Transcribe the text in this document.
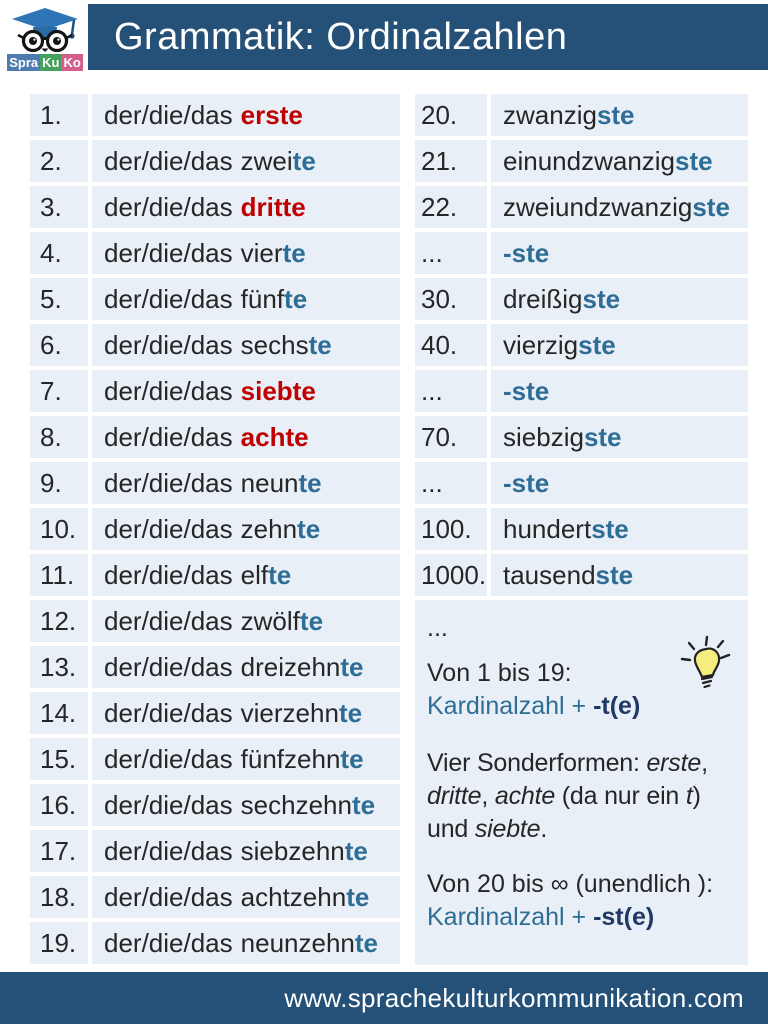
Spra Ku Ko
Grammatik: Ordinalzahlen
1.	der/die/das erste
2.	der/die/das zwei te
3.	der/die/das dritte
4.	der/die/das vier te
5.	der/die/das fünf te
6.	der/die/das sechs te
7.	der/die/das siebte
8.	der/die/das achte
9.	der/die/das neun te
10.	der/die/das zehn te
11.	der/die/das elf te
12.	der/die/das zwölf te
13.	der/die/das dreizehn te
14.	der/die/das vierzehn te
15.	der/die/das fünfzehn te
16.	der/die/das sechzehn te
17.	der/die/das siebzehn te
18.	der/die/das achtzehn te
19.	der/die/das neunzehn te
20.	zwanzig ste
21.	einundzwanzig ste
22.	zweiundzwanzig ste
...	-ste
30.	dreißig ste
40.	vierzig ste
...	-ste
70.	siebzig ste
...	-ste
100.	hundert ste
1000. tausend ste
...
Von 1 bis 19:
Kardinalzahl + -t(e)
Vier Sonderformen: erste, dritte, achte (da nur ein t) und siebte.
Von 20 bis ∞ (unendlich ):
Kardinalzahl + -st(e)
www.sprachekulturkommunikation.com
